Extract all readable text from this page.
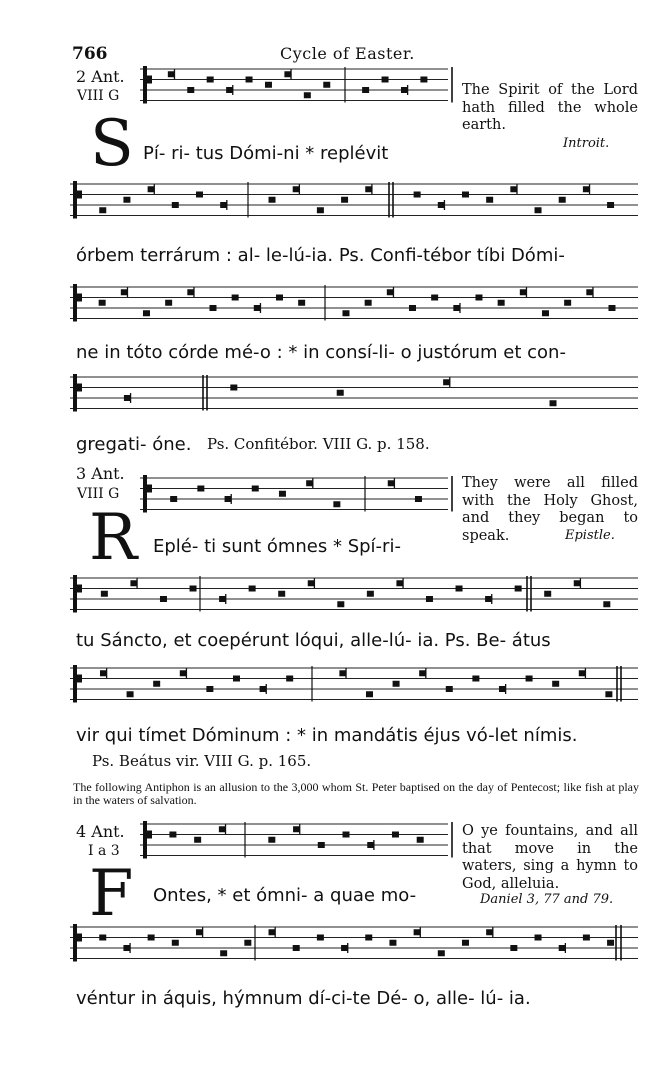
766	Cycle of Easter.
2 Ant.
VIII G
S
The Spirit of the Lord hath filled the whole earth.
Introit.
Pí- ri- tus Dómi-ni * replévit
órbem terrárum : al- le-lú-ia. Ps. Confi-tébor tíbi Dómi-
ne in tóto córde mé-o : * in consí-li- o justórum et con-
gregati- óne. Ps. Confitébor. VIII G. p. 158.
3 Ant.
VIII G
R
They were all filled with the Holy Ghost, and they began to speak.	Epistle.
Eplé- ti sunt ómnes * Spí-ri-
tu Sáncto, et coepérunt lóqui, alle-lú- ia. Ps. Be- átus
vir qui tímet Dóminum : * in mandátis éjus vó-let nímis.
Ps. Beátus vir. VIII G. p. 165.
The following Antiphon is an allusion to the 3,000 whom St. Peter baptised on the day of Pentecost; like fish at play in the waters of salvation.
4 Ant.
I a 3
F
O ye fountains, and all that move in the waters, sing a hymn to God, alleluia.
Daniel 3, 77 and 79.
Ontes, * et ómni- a quae mo-
véntur in áquis, hýmnum dí-ci-te Dé- o, alle- lú- ia.
